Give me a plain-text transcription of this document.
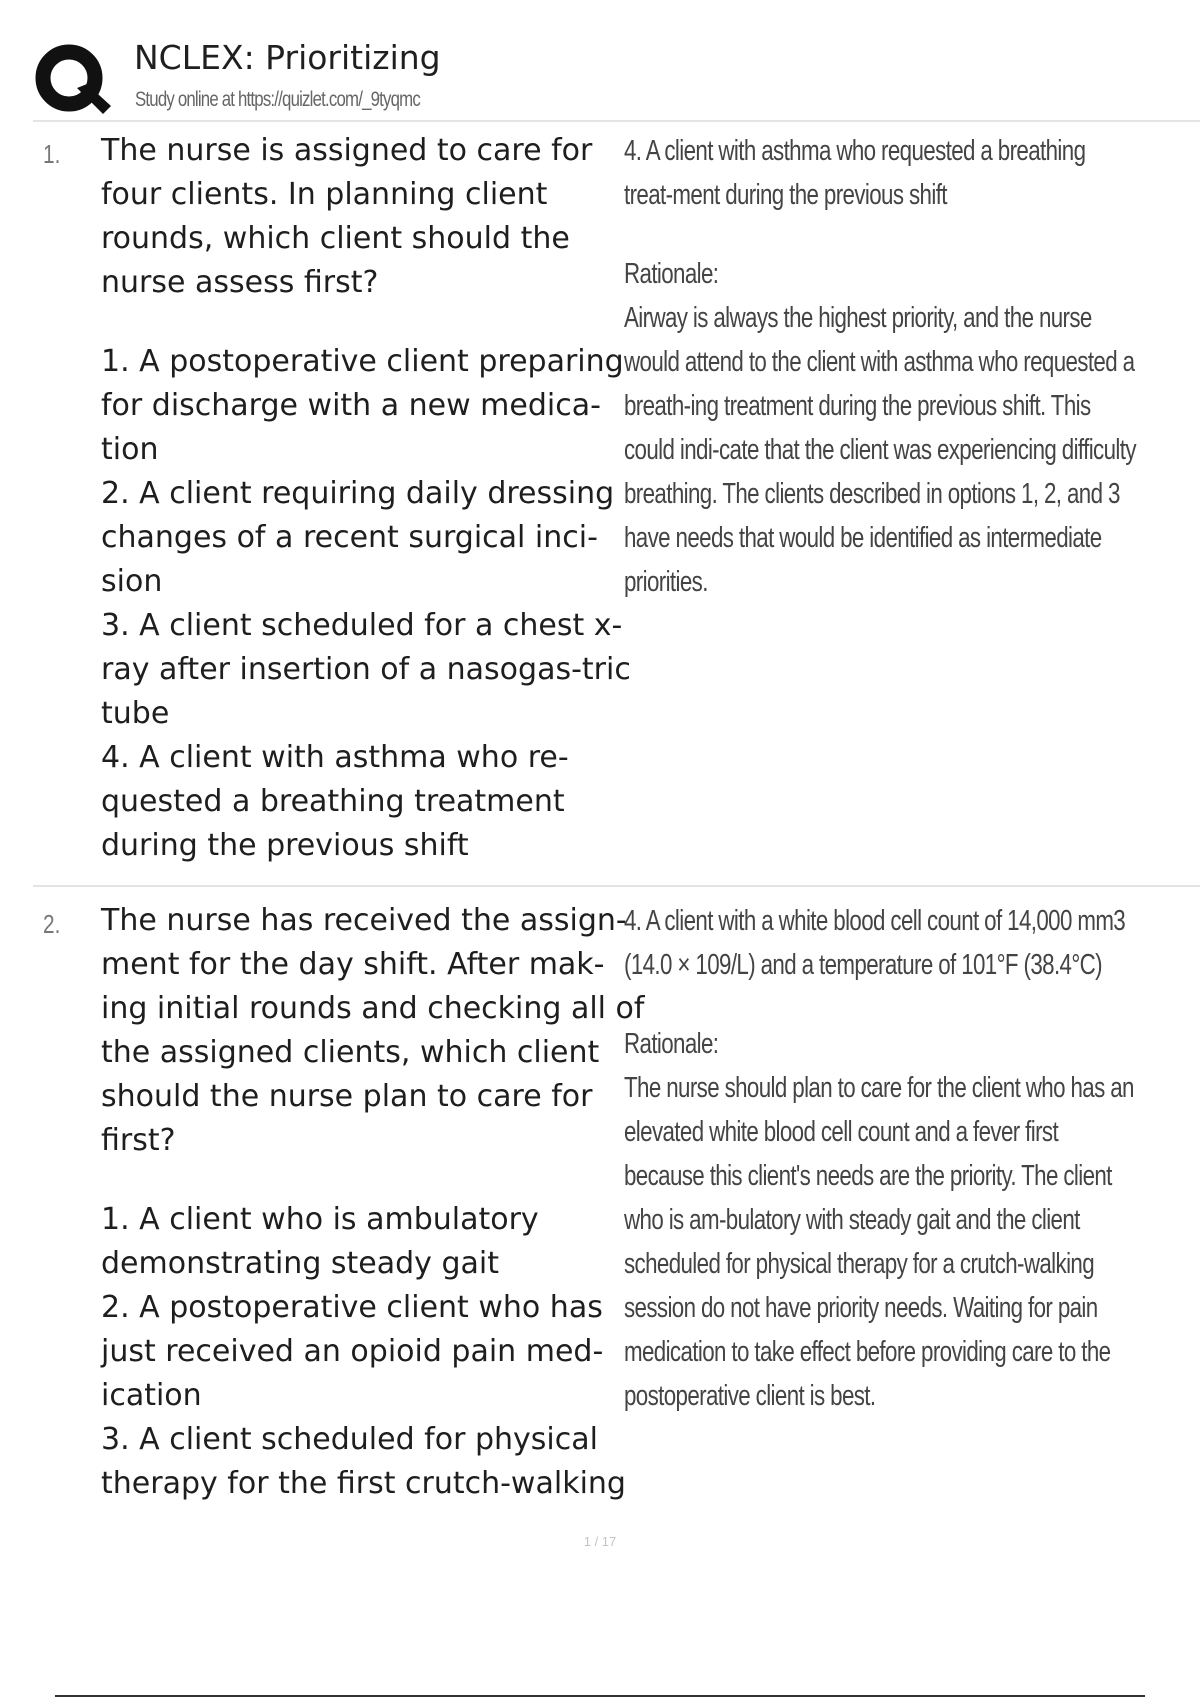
NCLEX: Prioritizing
Study online at https://quizlet.com/_9tyqmc
1. The nurse is assigned to care for four clients. In planning client rounds, which client should the nurse assess first?

1. A postoperative client preparing for discharge with a new medica-tion

2. A client requiring daily dressing changes of a recent surgical inci-sion

3. A client scheduled for a chest x-ray after insertion of a nasogas-tric tube

4. A client with asthma who re-quested a breathing treatment during the previous shift

4. A client with asthma who requested a breathing treat-ment during the previous shift

Rationale:

Airway is always the highest priority, and the nurse would attend to the client with asthma who requested a breath-ing treatment during the previous shift. This could indi-cate that the client was experiencing difficulty breathing. The clients described in options 1, 2, and 3 have needs that would be identified as intermediate priorities.

2. The nurse has received the assign-ment for the day shift. After mak-ing initial rounds and checking all of the assigned clients, which client should the nurse plan to care for first?

1. A client who is ambulatory demonstrating steady gait

2. A postoperative client who has just received an opioid pain med-ication

3. A client scheduled for physical therapy for the first crutch-walking

4. A client with a white blood cell count of 14,000 mm3 (14.0 × 109/L) and a temperature of 101°F (38.4°C)

Rationale:

The nurse should plan to care for the client who has an elevated white blood cell count and a fever first because this client's needs are the priority. The client who is am-bulatory with steady gait and the client scheduled for physical therapy for a crutch-walking session do not have priority needs. Waiting for pain medication to take effect before providing care to the postoperative client is best.

1 / 17
